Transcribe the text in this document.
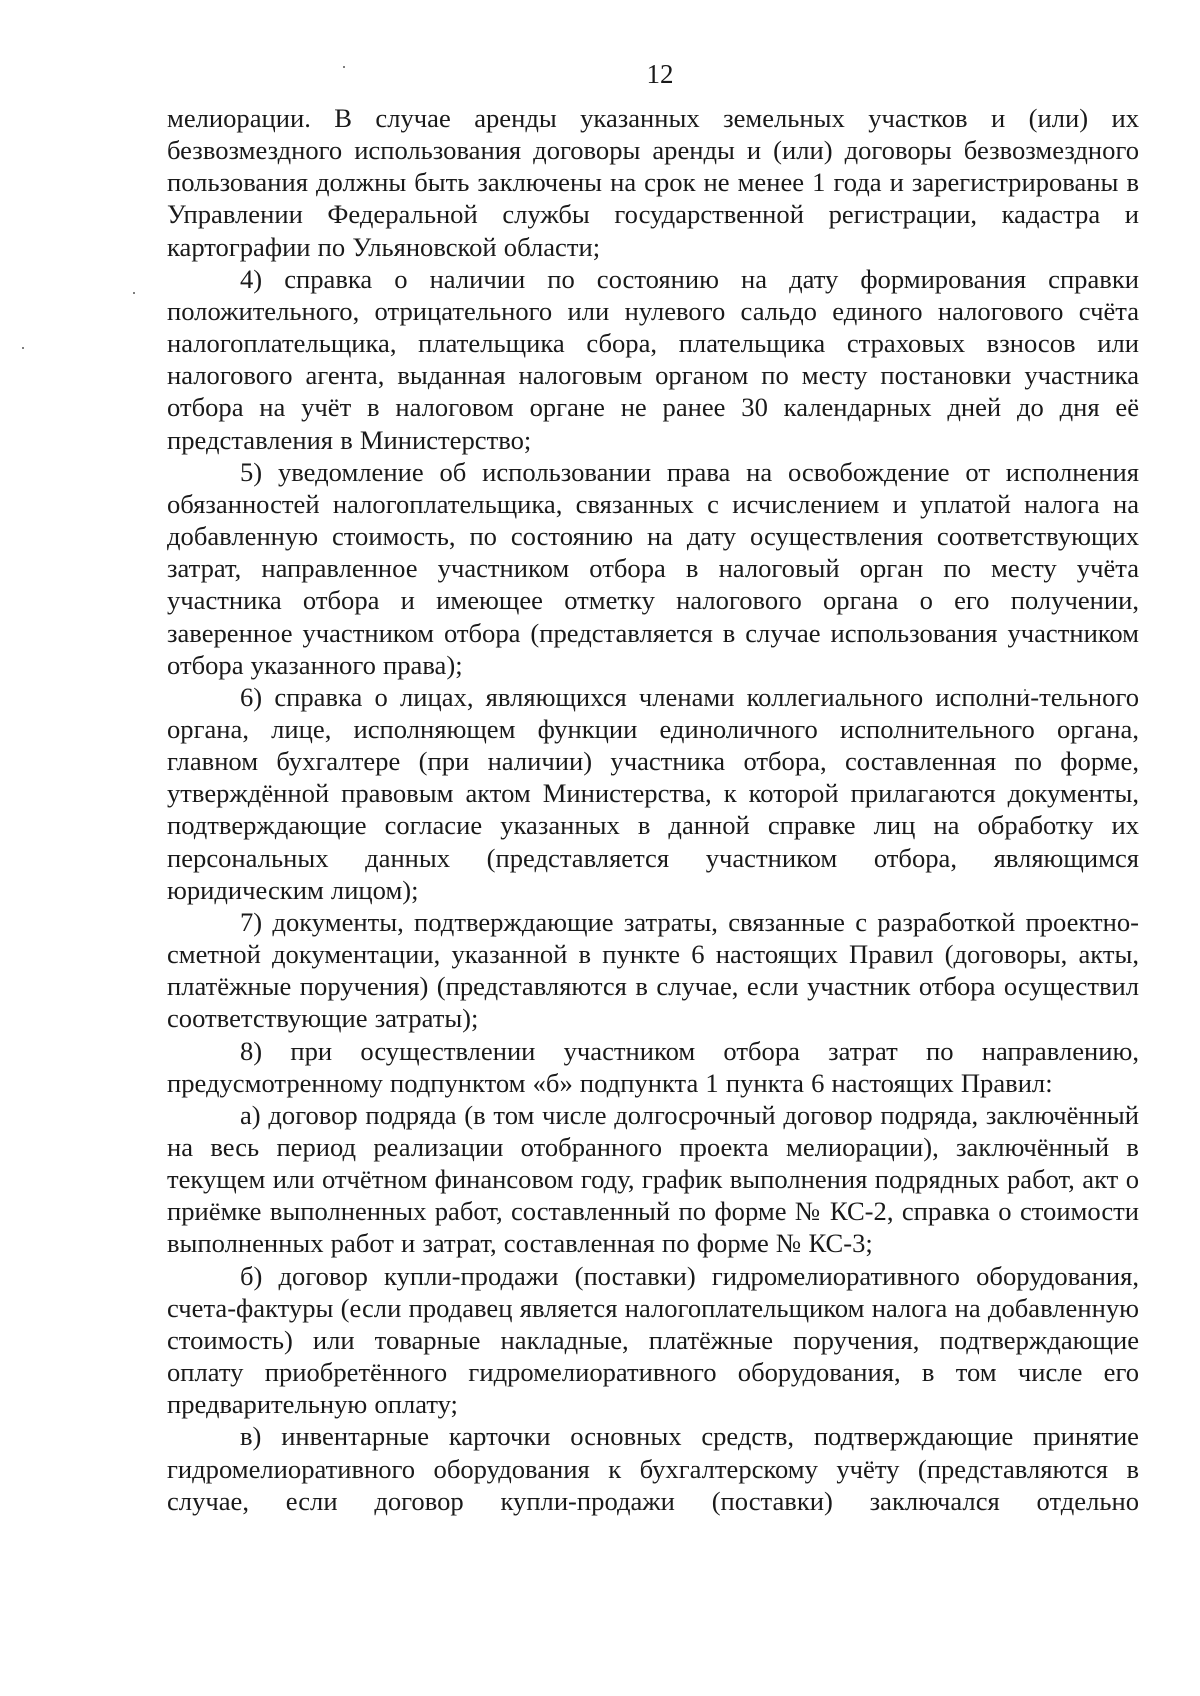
12

мелиорации. В случае аренды указанных земельных участков и (или) их безвозмездного использования договоры аренды и (или) договоры безвозмездного пользования должны быть заключены на срок не менее 1 года и зарегистрированы в Управлении Федеральной службы государственной регистрации, кадастра и картографии по Ульяновской области;

4) справка о наличии по состоянию на дату формирования справки положительного, отрицательного или нулевого сальдо единого налогового счёта налогоплательщика, плательщика сбора, плательщика страховых взносов или налогового агента, выданная налоговым органом по месту постановки участника отбора на учёт в налоговом органе не ранее 30 календарных дней до дня её представления в Министерство;

5) уведомление об использовании права на освобождение от исполнения обязанностей налогоплательщика, связанных с исчислением и уплатой налога на добавленную стоимость, по состоянию на дату осуществления соответствующих затрат, направленное участником отбора в налоговый орган по месту учёта участника отбора и имеющее отметку налогового органа о его получении, заверенное участником отбора (представляется в случае использования участником отбора указанного права);

6) справка о лицах, являющихся членами коллегиального исполни-тельного органа, лице, исполняющем функции единоличного исполнительного органа, главном бухгалтере (при наличии) участника отбора, составленная по форме, утверждённой правовым актом Министерства, к которой прилагаются документы, подтверждающие согласие указанных в данной справке лиц на обработку их персональных данных (представляется участником отбора, являющимся юридическим лицом);

7) документы, подтверждающие затраты, связанные с разработкой проектно-сметной документации, указанной в пункте 6 настоящих Правил (договоры, акты, платёжные поручения) (представляются в случае, если участник отбора осуществил соответствующие затраты);

8) при осуществлении участником отбора затрат по направлению, предусмотренному подпунктом «б» подпункта 1 пункта 6 настоящих Правил:

а) договор подряда (в том числе долгосрочный договор подряда, заключённый на весь период реализации отобранного проекта мелиорации), заключённый в текущем или отчётном финансовом году, график выполнения подрядных работ, акт о приёмке выполненных работ, составленный по форме № КС-2, справка о стоимости выполненных работ и затрат, составленная по форме № КС-3;

б) договор купли-продажи (поставки) гидромелиоративного оборудования, счета-фактуры (если продавец является налогоплательщиком налога на добавленную стоимость) или товарные накладные, платёжные поручения, подтверждающие оплату приобретённого гидромелиоративного оборудования, в том числе его предварительную оплату;

в) инвентарные карточки основных средств, подтверждающие принятие гидромелиоративного оборудования к бухгалтерскому учёту (представляются в случае, если договор купли-продажи (поставки) заключался отдельно
